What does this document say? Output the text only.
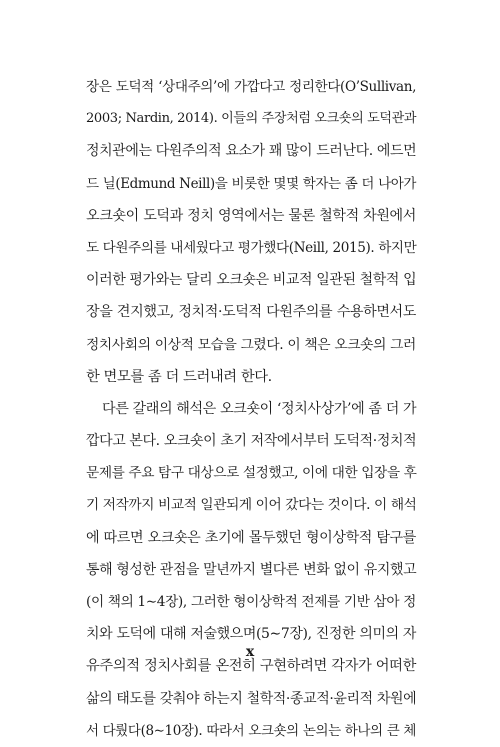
장은 도덕적 ‘상대주의’에 가깝다고 정리한다(O’Sullivan,
2003; Nardin, 2014). 이들의 주장처럼 오크숏의 도덕관과
정치관에는 다원주의적 요소가 꽤 많이 드러난다. 에드먼
드 닐(Edmund Neill)을 비롯한 몇몇 학자는 좀 더 나아가
오크숏이 도덕과 정치 영역에서는 물론 철학적 차원에서
도 다원주의를 내세웠다고 평가했다(Neill, 2015). 하지만
이러한 평가와는 달리 오크숏은 비교적 일관된 철학적 입
장을 견지했고, 정치적·도덕적 다원주의를 수용하면서도
정치사회의 이상적 모습을 그렸다. 이 책은 오크숏의 그러
한 면모를 좀 더 드러내려 한다.
다른 갈래의 해석은 오크숏이 ‘정치사상가’에 좀 더 가
깝다고 본다. 오크숏이 초기 저작에서부터 도덕적·정치적
문제를 주요 탐구 대상으로 설정했고, 이에 대한 입장을 후
기 저작까지 비교적 일관되게 이어 갔다는 것이다. 이 해석
에 따르면 오크숏은 초기에 몰두했던 형이상학적 탐구를
통해 형성한 관점을 말년까지 별다른 변화 없이 유지했고
(이 책의 1∼4장), 그러한 형이상학적 전제를 기반 삼아 정
치와 도덕에 대해 저술했으며(5∼7장), 진정한 의미의 자
유주의적 정치사회를 온전히 구현하려면 각자가 어떠한
삶의 태도를 갖춰야 하는지 철학적·종교적·윤리적 차원에
서 다뤘다(8∼10장). 따라서 오크숏의 논의는 하나의 큰 체
x
